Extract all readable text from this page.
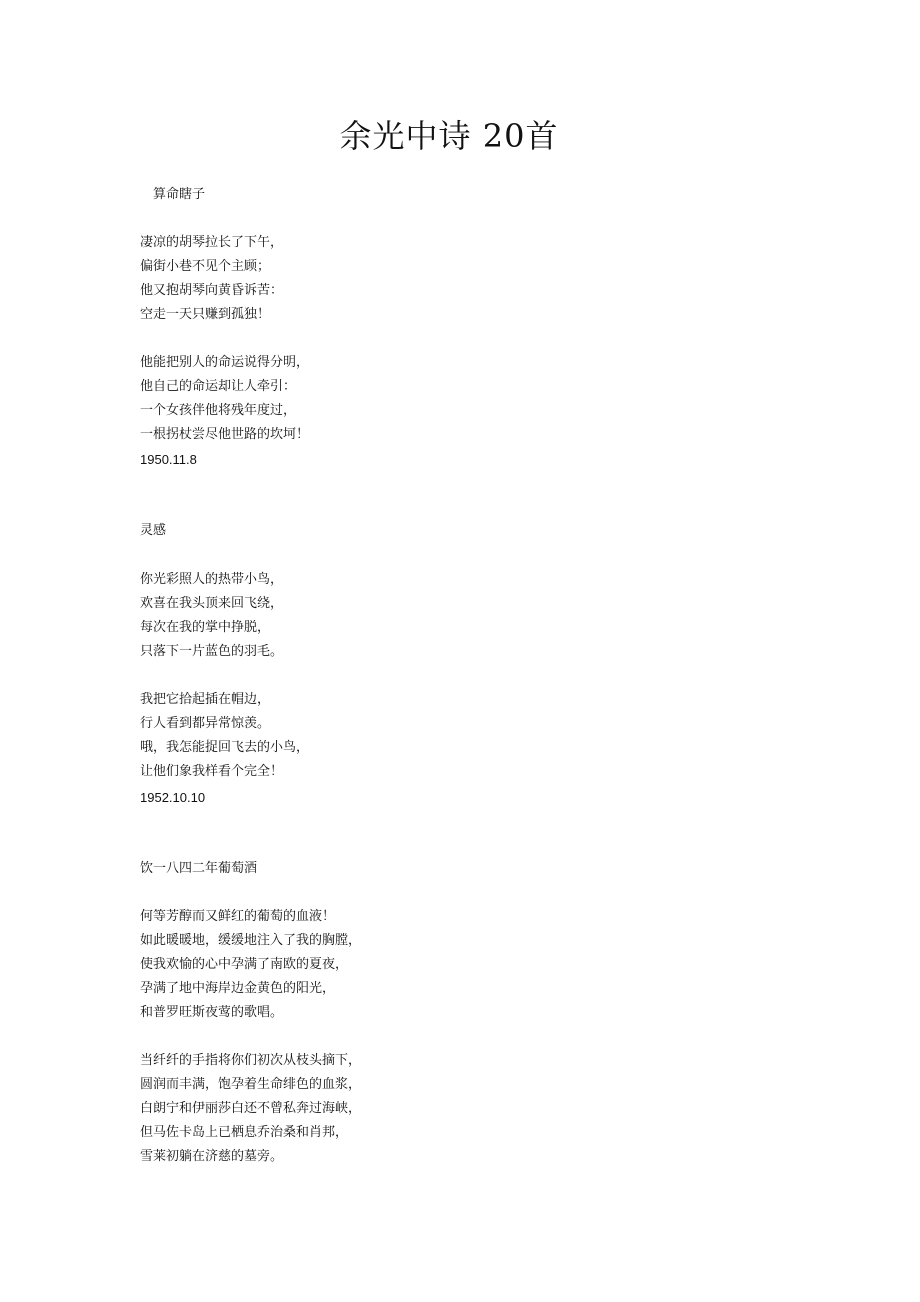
余光中诗 20首

算命瞎子

凄凉的胡琴拉长了下午，

偏街小巷不见个主顾；

他又抱胡琴向黄昏诉苦：

空走一天只赚到孤独！

他能把别人的命运说得分明，

他自己的命运却让人牵引：

一个女孩伴他将残年度过，

一根拐杖尝尽他世路的坎坷！

1950.11.8

灵感

你光彩照人的热带小鸟，

欢喜在我头顶来回飞绕，

每次在我的掌中挣脱，

只落下一片蓝色的羽毛。

我把它拾起插在帽边，

行人看到都异常惊羡。

哦，我怎能捉回飞去的小鸟，

让他们象我样看个完全！

1952.10.10

饮一八四二年葡萄酒

何等芳醇而又鲜红的葡萄的血液！

如此暖暖地，缓缓地注入了我的胸膛，

使我欢愉的心中孕满了南欧的夏夜，

孕满了地中海岸边金黄色的阳光，

和普罗旺斯夜莺的歌唱。

当纤纤的手指将你们初次从枝头摘下，

圆润而丰满，饱孕着生命绯色的血浆，

白朗宁和伊丽莎白还不曾私奔过海峡，

但马佐卡岛上已栖息乔治桑和肖邦，

雪莱初躺在济慈的墓旁。
